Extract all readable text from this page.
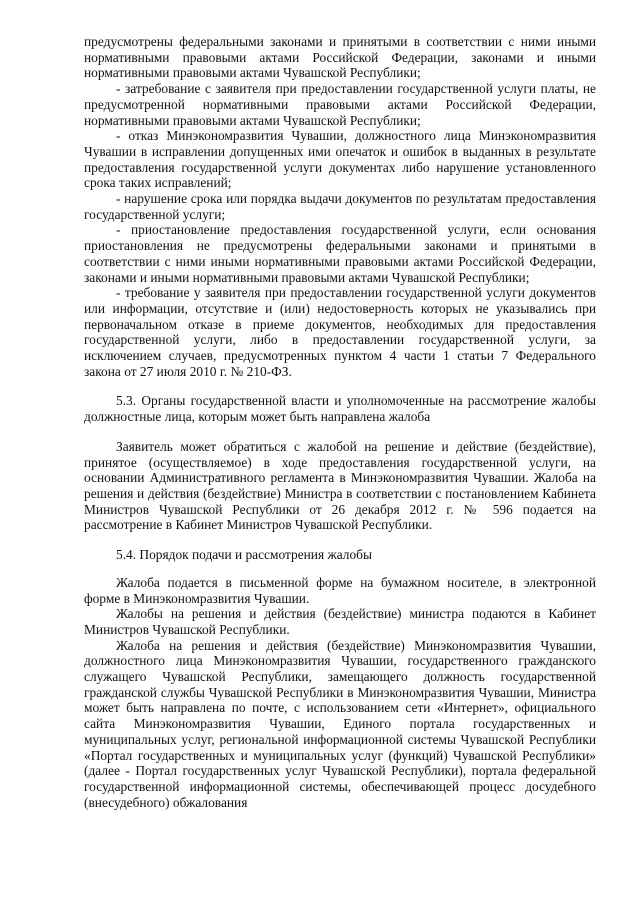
предусмотрены федеральными законами и принятыми в соответствии с ними иными нормативными правовыми актами Российской Федерации, законами и иными нормативными правовыми актами Чувашской Республики;

- затребование с заявителя при предоставлении государственной услуги платы, не предусмотренной нормативными правовыми актами Российской Федерации, нормативными правовыми актами Чувашской Республики;

- отказ Минэкономразвития Чувашии, должностного лица Минэкономразвития Чувашии в исправлении допущенных ими опечаток и ошибок в выданных в результате предоставления государственной услуги документах либо нарушение установленного срока таких исправлений;

- нарушение срока или порядка выдачи документов по результатам предоставления государственной услуги;

- приостановление предоставления государственной услуги, если основания приостановления не предусмотрены федеральными законами и принятыми в соответствии с ними иными нормативными правовыми актами Российской Федерации, законами и иными нормативными правовыми актами Чувашской Республики;

- требование у заявителя при предоставлении государственной услуги документов или информации, отсутствие и (или) недостоверность которых не указывались при первоначальном отказе в приеме документов, необходимых для предоставления государственной услуги, либо в предоставлении государственной услуги, за исключением случаев, предусмотренных пунктом 4 части 1 статьи 7 Федерального закона от 27 июля 2010 г. № 210-ФЗ.

5.3. Органы государственной власти и уполномоченные на рассмотрение жалобы должностные лица, которым может быть направлена жалоба

Заявитель может обратиться с жалобой на решение и действие (бездействие), принятое (осуществляемое) в ходе предоставления государственной услуги, на основании Административного регламента в Минэкономразвития Чувашии. Жалоба на решения и действия (бездействие) Министра в соответствии с постановлением Кабинета Министров Чувашской Республики от 26 декабря 2012 г. № 596 подается на рассмотрение в Кабинет Министров Чувашской Республики.

5.4. Порядок подачи и рассмотрения жалобы

Жалоба подается в письменной форме на бумажном носителе, в электронной форме в Минэкономразвития Чувашии.

Жалобы на решения и действия (бездействие) министра подаются в Кабинет Министров Чувашской Республики.

Жалоба на решения и действия (бездействие) Минэкономразвития Чувашии, должностного лица Минэкономразвития Чувашии, государственного гражданского служащего Чувашской Республики, замещающего должность государственной гражданской службы Чувашской Республики в Минэкономразвития Чувашии, Министра может быть направлена по почте, с использованием сети «Интернет», официального сайта Минэкономразвития Чувашии, Единого портала государственных и муниципальных услуг, региональной информационной системы Чувашской Республики «Портал государственных и муниципальных услуг (функций) Чувашской Республики» (далее - Портал государственных услуг Чувашской Республики), портала федеральной государственной информационной системы, обеспечивающей процесс досудебного (внесудебного) обжалования
